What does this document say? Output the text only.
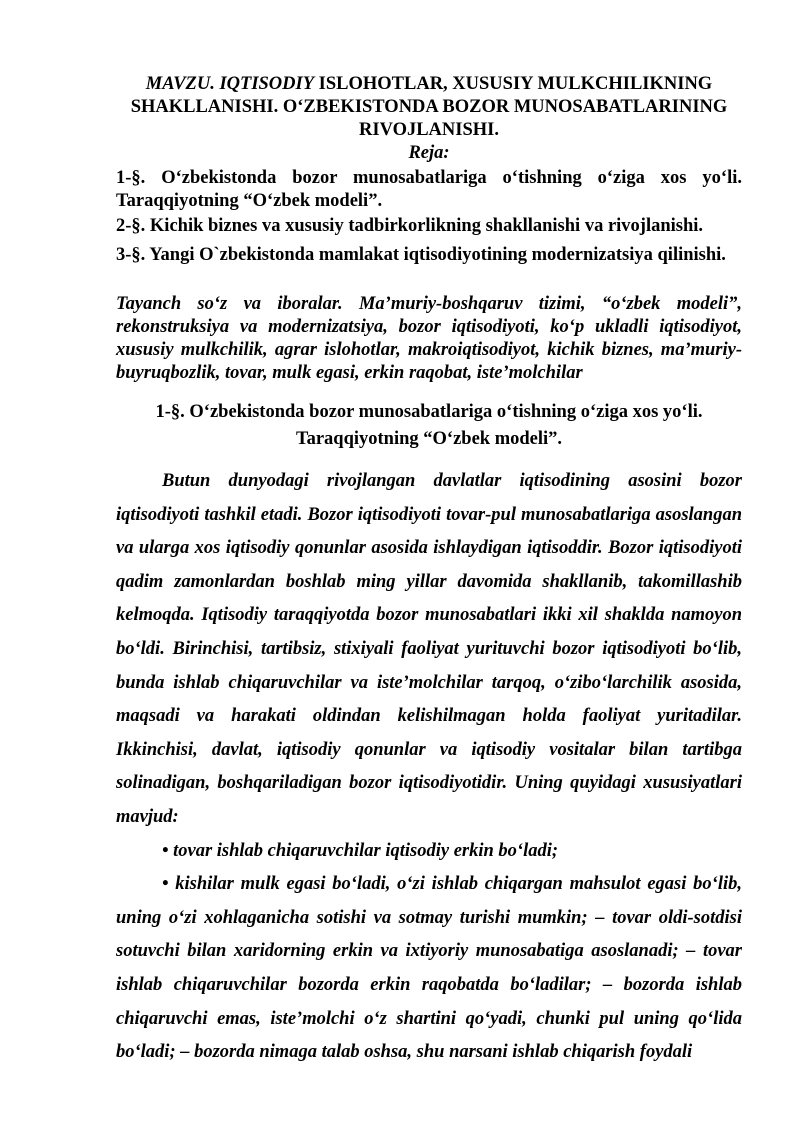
MAVZU. IQTISODIY ISLOHOTLAR, XUSUSIY MULKCHILIKNING SHAKLLANISHI. O‘ZBEKISTONDA BOZOR MUNOSABATLARINING RIVOJLANISHI.

Reja:

1-§. O‘zbekistonda bozor munosabatlariga o‘tishning o‘ziga xos yo‘li. Taraqqiyotning “O‘zbek modeli”.

2-§. Kichik biznes va xususiy tadbirkorlikning shakllanishi va rivojlanishi.

3-§. Yangi O`zbekistonda mamlakat iqtisodiyotining modernizatsiya qilinishi.

Tayanch so‘z va iboralar. Ma’muriy-boshqaruv tizimi, “o‘zbek modeli”, rekonstruksiya va modernizatsiya, bozor iqtisodiyoti, ko‘p ukladli iqtisodiyot, xususiy mulkchilik, agrar islohotlar, makroiqtisodiyot, kichik biznes, ma’muriy-buyruqbozlik, tovar, mulk egasi, erkin raqobat, iste’molchilar

1-§. O‘zbekistonda bozor munosabatlariga o‘tishning o‘ziga xos yo‘li.
Taraqqiyotning “O‘zbek modeli”.

Butun dunyodagi rivojlangan davlatlar iqtisodining asosini bozor iqtisodiyoti tashkil etadi. Bozor iqtisodiyoti tovar-pul munosabatlariga asoslangan va ularga xos iqtisodiy qonunlar asosida ishlaydigan iqtisoddir. Bozor iqtisodiyoti qadim zamonlardan boshlab ming yillar davomida shakllanib, takomillashib kelmoqda. Iqtisodiy taraqqiyotda bozor munosabatlari ikki xil shaklda namoyon bo‘ldi. Birinchisi, tartibsiz, stixiyali faoliyat yurituvchi bozor iqtisodiyoti bo‘lib, bunda ishlab chiqaruvchilar va iste’molchilar tarqoq, o‘zibo‘larchilik asosida, maqsadi va harakati oldindan kelishilmagan holda faoliyat yuritadilar. Ikkinchisi, davlat, iqtisodiy qonunlar va iqtisodiy vositalar bilan tartibga solinadigan, boshqariladigan bozor iqtisodiyotidir. Uning quyidagi xususiyatlari mavjud:

• tovar ishlab chiqaruvchilar iqtisodiy erkin bo‘ladi;

• kishilar mulk egasi bo‘ladi, o‘zi ishlab chiqargan mahsulot egasi bo‘lib, uning o‘zi xohlaganicha sotishi va sotmay turishi mumkin; – tovar oldi-sotdisi sotuvchi bilan xaridorning erkin va ixtiyoriy munosabatiga asoslanadi; – tovar ishlab chiqaruvchilar bozorda erkin raqobatda bo‘ladilar; – bozorda ishlab chiqaruvchi emas, iste’molchi o‘z shartini qo‘yadi, chunki pul uning qo‘lida bo‘ladi; – bozorda nimaga talab oshsa, shu narsani ishlab chiqarish foydali
